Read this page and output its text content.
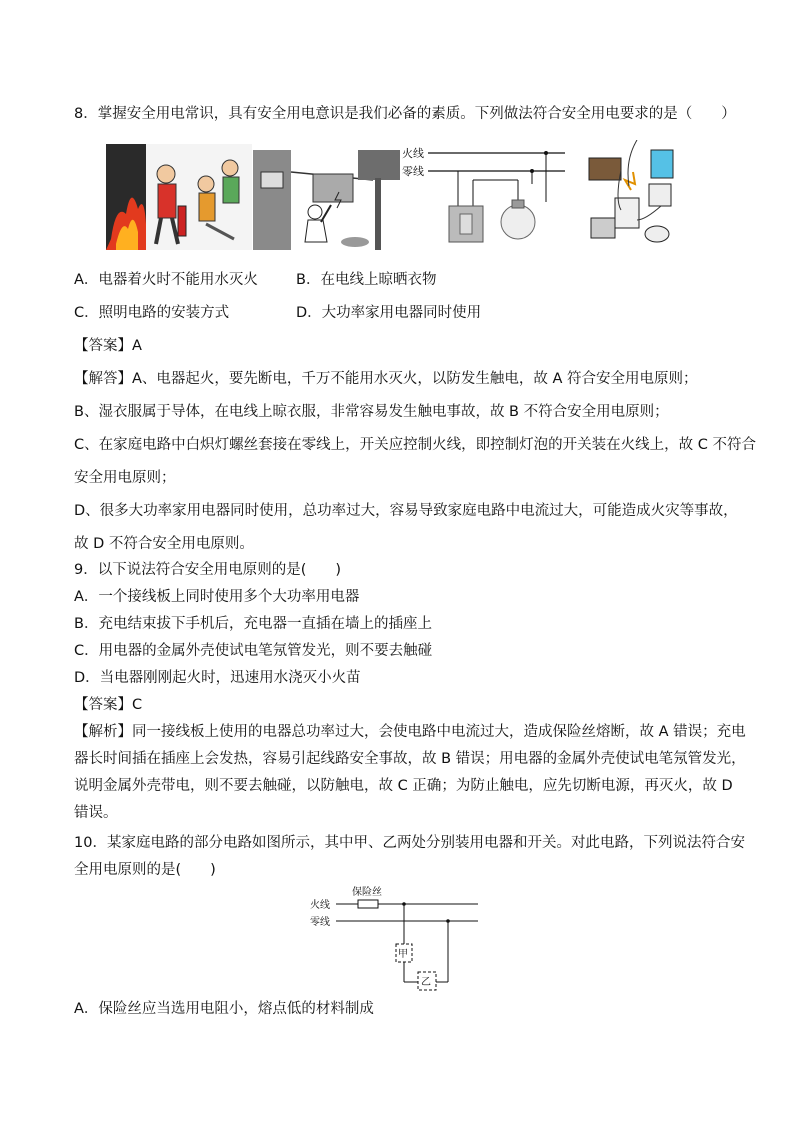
8．掌握安全用电常识，具有安全用电意识是我们必备的素质。下列做法符合安全用电要求的是（　　）
火线
零线
A．电器着火时不能用水灭火	B．在电线上晾晒衣物
C．照明电路的安装方式	D．大功率家用电器同时使用
【答案】A
【解答】A、电器起火，要先断电，千万不能用水灭火，以防发生触电，故 A 符合安全用电原则；
B、湿衣服属于导体，在电线上晾衣服，非常容易发生触电事故，故 B 不符合安全用电原则；
C、在家庭电路中白炽灯螺丝套接在零线上，开关应控制火线，即控制灯泡的开关装在火线上，故 C 不符合
安全用电原则；
D、很多大功率家用电器同时使用，总功率过大，容易导致家庭电路中电流过大，可能造成火灾等事故，
故 D 不符合安全用电原则。
9．以下说法符合安全用电原则的是(　　)
A．一个接线板上同时使用多个大功率用电器
B．充电结束拔下手机后，充电器一直插在墙上的插座上
C．用电器的金属外壳使试电笔氖管发光，则不要去触碰
D．当电器刚刚起火时，迅速用水浇灭小火苗
【答案】C
【解析】同一接线板上使用的电器总功率过大，会使电路中电流过大，造成保险丝熔断，故 A 错误；充电
器长时间插在插座上会发热，容易引起线路安全事故，故 B 错误；用电器的金属外壳使试电笔氖管发光，
说明金属外壳带电，则不要去触碰，以防触电，故 C 正确；为防止触电，应先切断电源，再灭火，故 D
错误。
10．某家庭电路的部分电路如图所示，其中甲、乙两处分别装用电器和开关。对此电路，下列说法符合安
全用电原则的是(　　)
保险丝
火线
零线
甲
乙
A．保险丝应当选用电阻小，熔点低的材料制成
